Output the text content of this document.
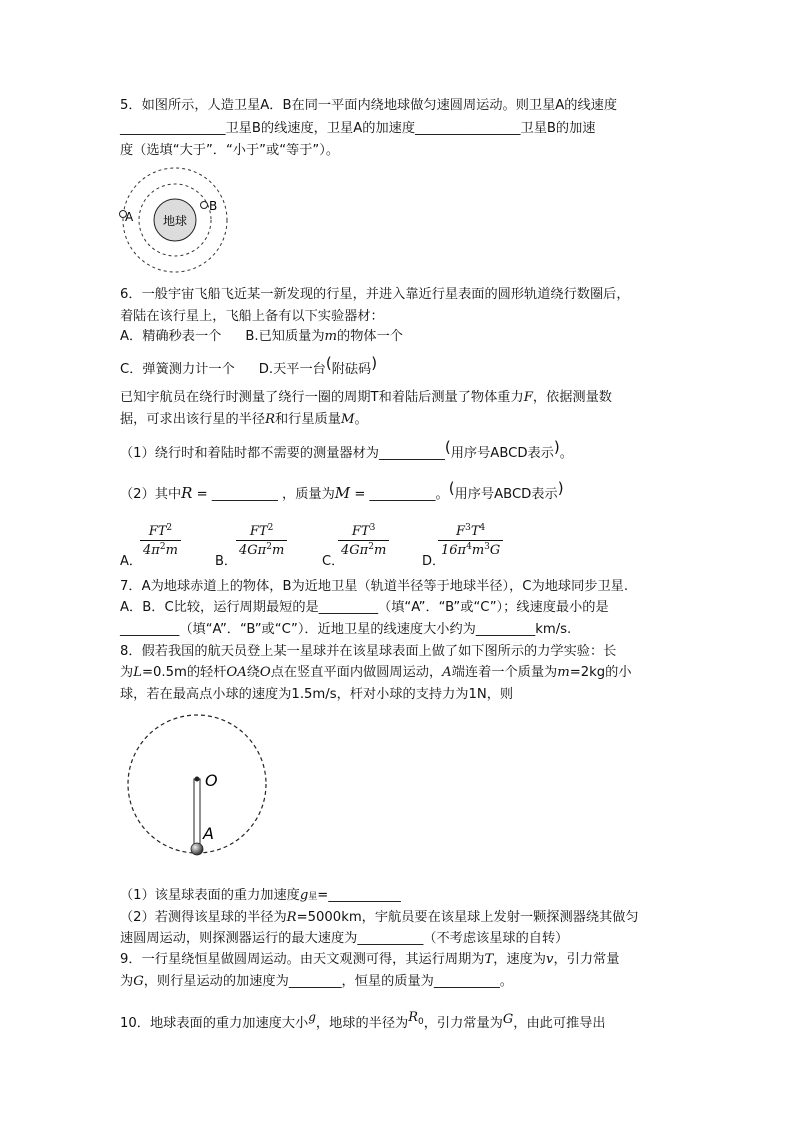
5．如图所示，人造卫星A．B在同一平面内绕地球做匀速圆周运动。则卫星A的线速度
________________卫星B的线速度，卫星A的加速度________________卫星B的加速
度（选填“大于”．“小于”或“等于”）。
地球
A
B
6．一般宇宙飞船飞近某一新发现的行星，并进入靠近行星表面的圆形轨道绕行数圈后，
着陆在该行星上，飞船上备有以下实验器材：
A．精确秒表一个 B.已知质量为m的物体一个
C．弹簧测力计一个 D.天平一台(附砝码)
已知宇航员在绕行时测量了绕行一圈的周期T和着陆后测量了物体重力F，依据测量数
据，可求出该行星的半径R和行星质量M。
（1）绕行时和着陆时都不需要的测量器材为__________(用序号ABCD表示)。
（2）其中R = __________ ，质量为M = __________。(用序号ABCD表示)
A．
$FT^2$
$4\pi^2m$
B．
$FT^2$
$4G\pi^2m$
C．
$FT^3$
$4G\pi^2m$
D．
$F^3T^4$
$16\pi^4m^3G$
7．A为地球赤道上的物体，B为近地卫星（轨道半径等于地球半径），C为地球同步卫星.
A．B．C比较，运行周期最短的是_________（填“A”．“B”或“C”）；线速度最小的是
_________（填“A”．“B”或“C”）．近地卫星的线速度大小约为_________km/s.
8．假若我国的航天员登上某一星球并在该星球表面上做了如下图所示的力学实验：长
为L=0.5m的轻杆OA绕O点在竖直平面内做圆周运动，A端连着一个质量为m=2kg的小
球，若在最高点小球的速度为1.5m/s，杆对小球的支持力为1N，则
O
A
（1）该星球表面的重力加速度g星=___________
（2）若测得该星球的半径为R=5000km，宇航员要在该星球上发射一颗探测器绕其做匀
速圆周运动，则探测器运行的最大速度为__________（不考虑该星球的自转）
9．一行星绕恒星做圆周运动。由天文观测可得，其运行周期为T，速度为v，引力常量
为G，则行星运动的加速度为________，恒星的质量为__________。
10．地球表面的重力加速度大小$^g$，地球的半径为$R^0$，引力常量为G，由此可推导出
